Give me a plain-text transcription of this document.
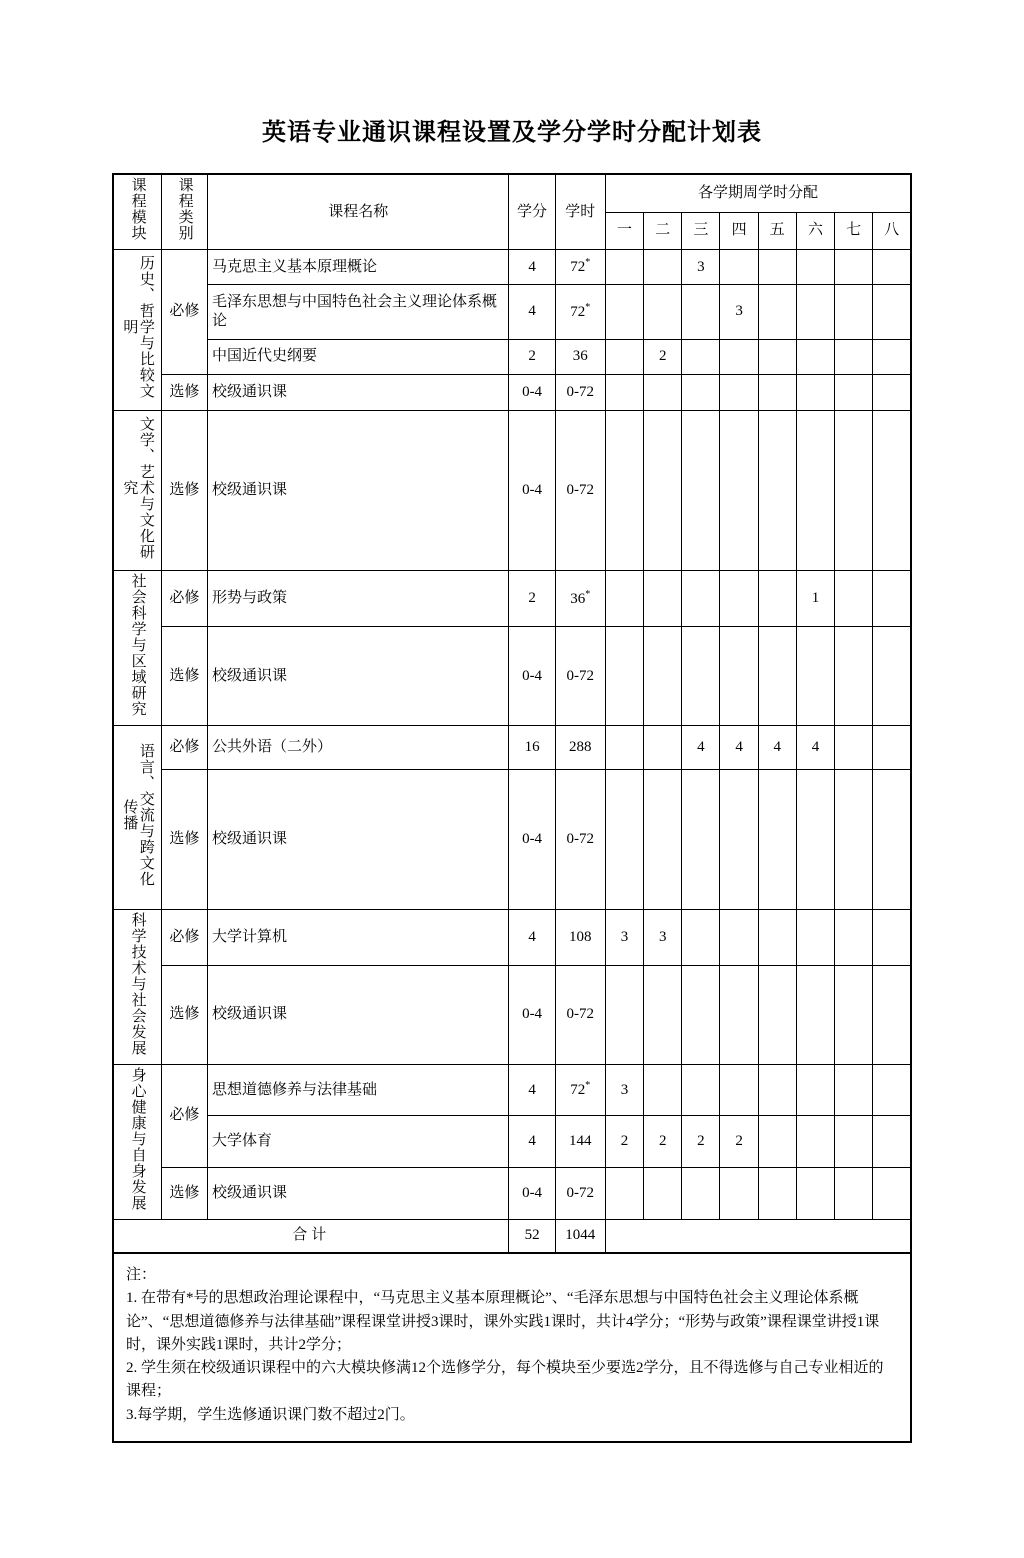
英语专业通识课程设置及学分学时分配计划表
课程模块	课程类别	课程名称	学分	学时	各学期周学时分配							
					一	二	三	四	五	六	七	八
历史、哲学与比较文明	必修	马克思主义基本原理概论	4	72*			3					
		毛泽东思想与中国特色社会主义理论体系概论	4	72*				3				
		中国近代史纲要	2	36		2						
	选修	校级通识课	0-4	0-72								
文学、艺术与文化研究	选修	校级通识课	0-4	0-72								
社会科学与区域研究	必修	形势与政策	2	36*						1		
	选修	校级通识课	0-4	0-72								
语言、交流与跨文化传播	必修	公共外语（二外）	16	288			4	4	4	4		
	选修	校级通识课	0-4	0-72								
科学技术与社会发展	必修	大学计算机	4	108	3	3						
	选修	校级通识课	0-4	0-72								
身心健康与自身发展	必修	思想道德修养与法律基础	4	72*	3							
		大学体育	4	144	2	2	2	2				
	选修	校级通识课	0-4	0-72								
合计			52	1044								

注：

1. 在带有*号的思想政治理论课程中，“马克思主义基本原理概论”、“毛泽东思想与中国特色社会主义理论体系概论”、“思想道德修养与法律基础”课程课堂讲授3课时，课外实践1课时，共计4学分；“形势与政策”课程课堂讲授1课时，课外实践1课时，共计2学分；

2. 学生须在校级通识课程中的六大模块修满12个选修学分，每个模块至少要选2学分，且不得选修与自己专业相近的课程；

3.每学期，学生选修通识课门数不超过2门。
